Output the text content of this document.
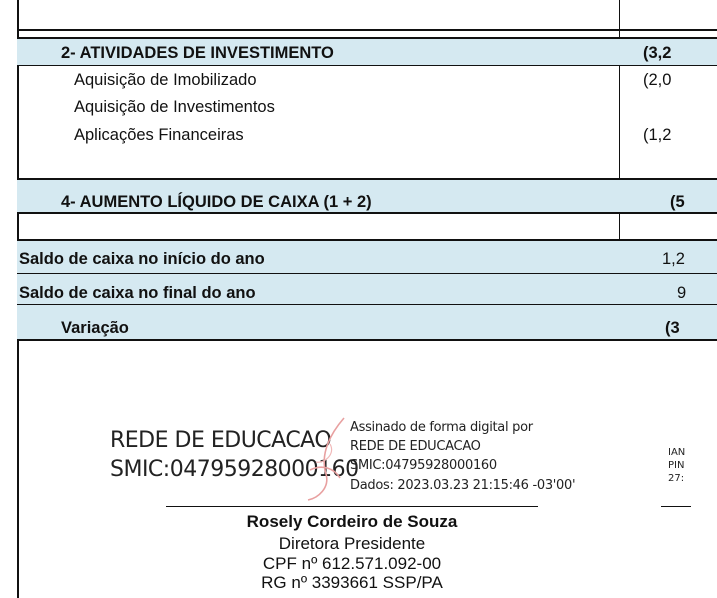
2- ATIVIDADES DE INVESTIMENTO	(3,2
Aquisição de Imobilizado	(2,0
Aquisição de Investimentos
Aplicações Financeiras	(1,2
4- AUMENTO LÍQUIDO DE CAIXA (1 + 2)	(5
Saldo de caixa no início do ano	1,2
Saldo de caixa no final do ano	9
Variação	(3
REDE DE EDUCACAO
SMIC:04795928000160
Assinado de forma digital por
REDE DE EDUCACAO
SMIC:04795928000160
Dados: 2023.03.23 21:15:46 -03'00'
IAN
PIN
27:
Rosely Cordeiro de Souza
Diretora Presidente
CPF nº 612.571.092-00
RG nº 3393661 SSP/PA
